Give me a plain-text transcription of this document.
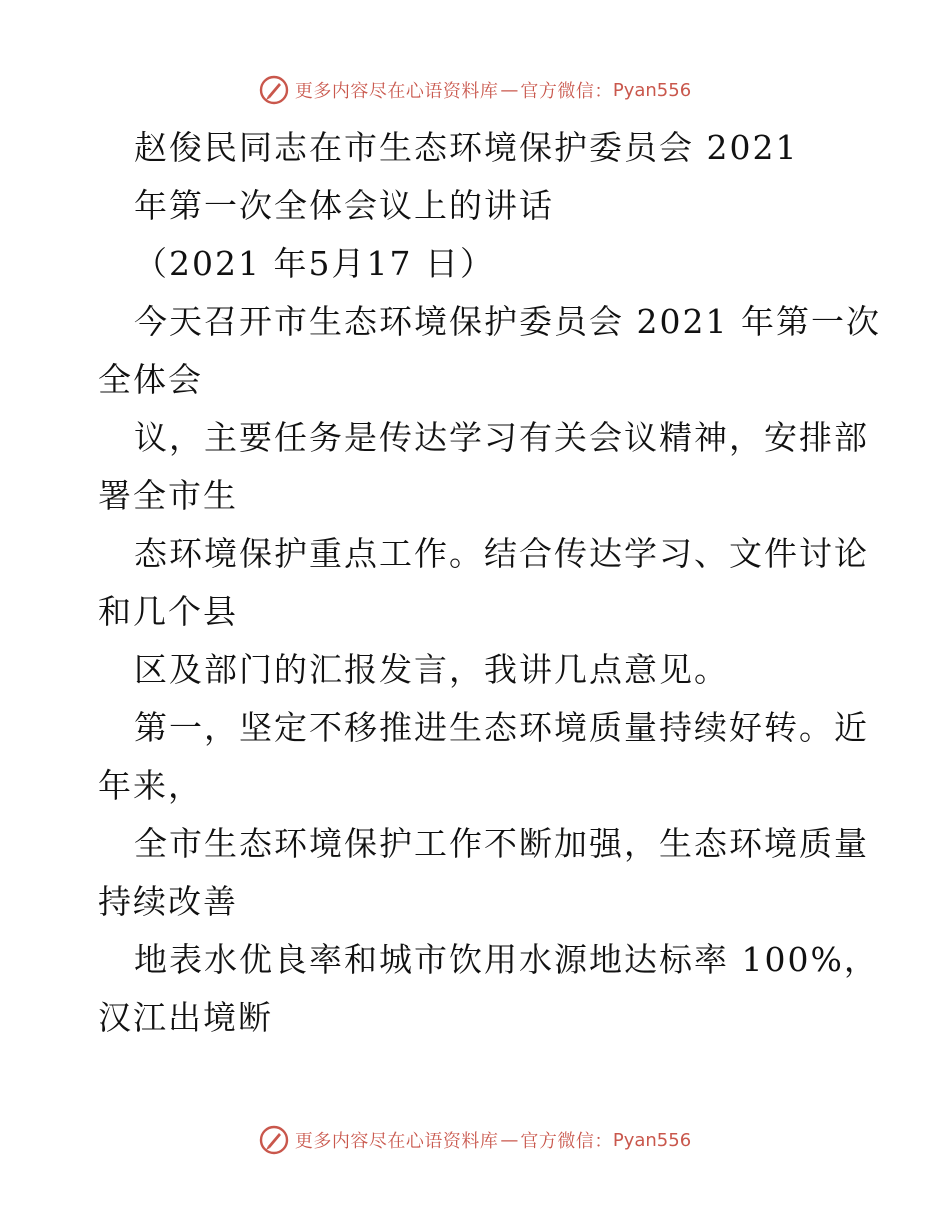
更多内容尽在心语资料库 — 官方微信： Pyan556
赵俊民同志在市生态环境保护委员会 2021
年第一次全体会议上的讲话
（2021 年5月17 日）
今天召开市生态环境保护委员会 2021 年第一次
全体会
议，主要任务是传达学习有关会议精神，安排部
署全市生
态环境保护重点工作。结合传达学习、文件讨论
和几个县
区及部门的汇报发言，我讲几点意见。
第一，坚定不移推进生态环境质量持续好转。近
年来，
全市生态环境保护工作不断加强，生态环境质量
持续改善
地表水优良率和城市饮用水源地达标率 100%，
汉江出境断
更多内容尽在心语资料库 — 官方微信： Pyan556
